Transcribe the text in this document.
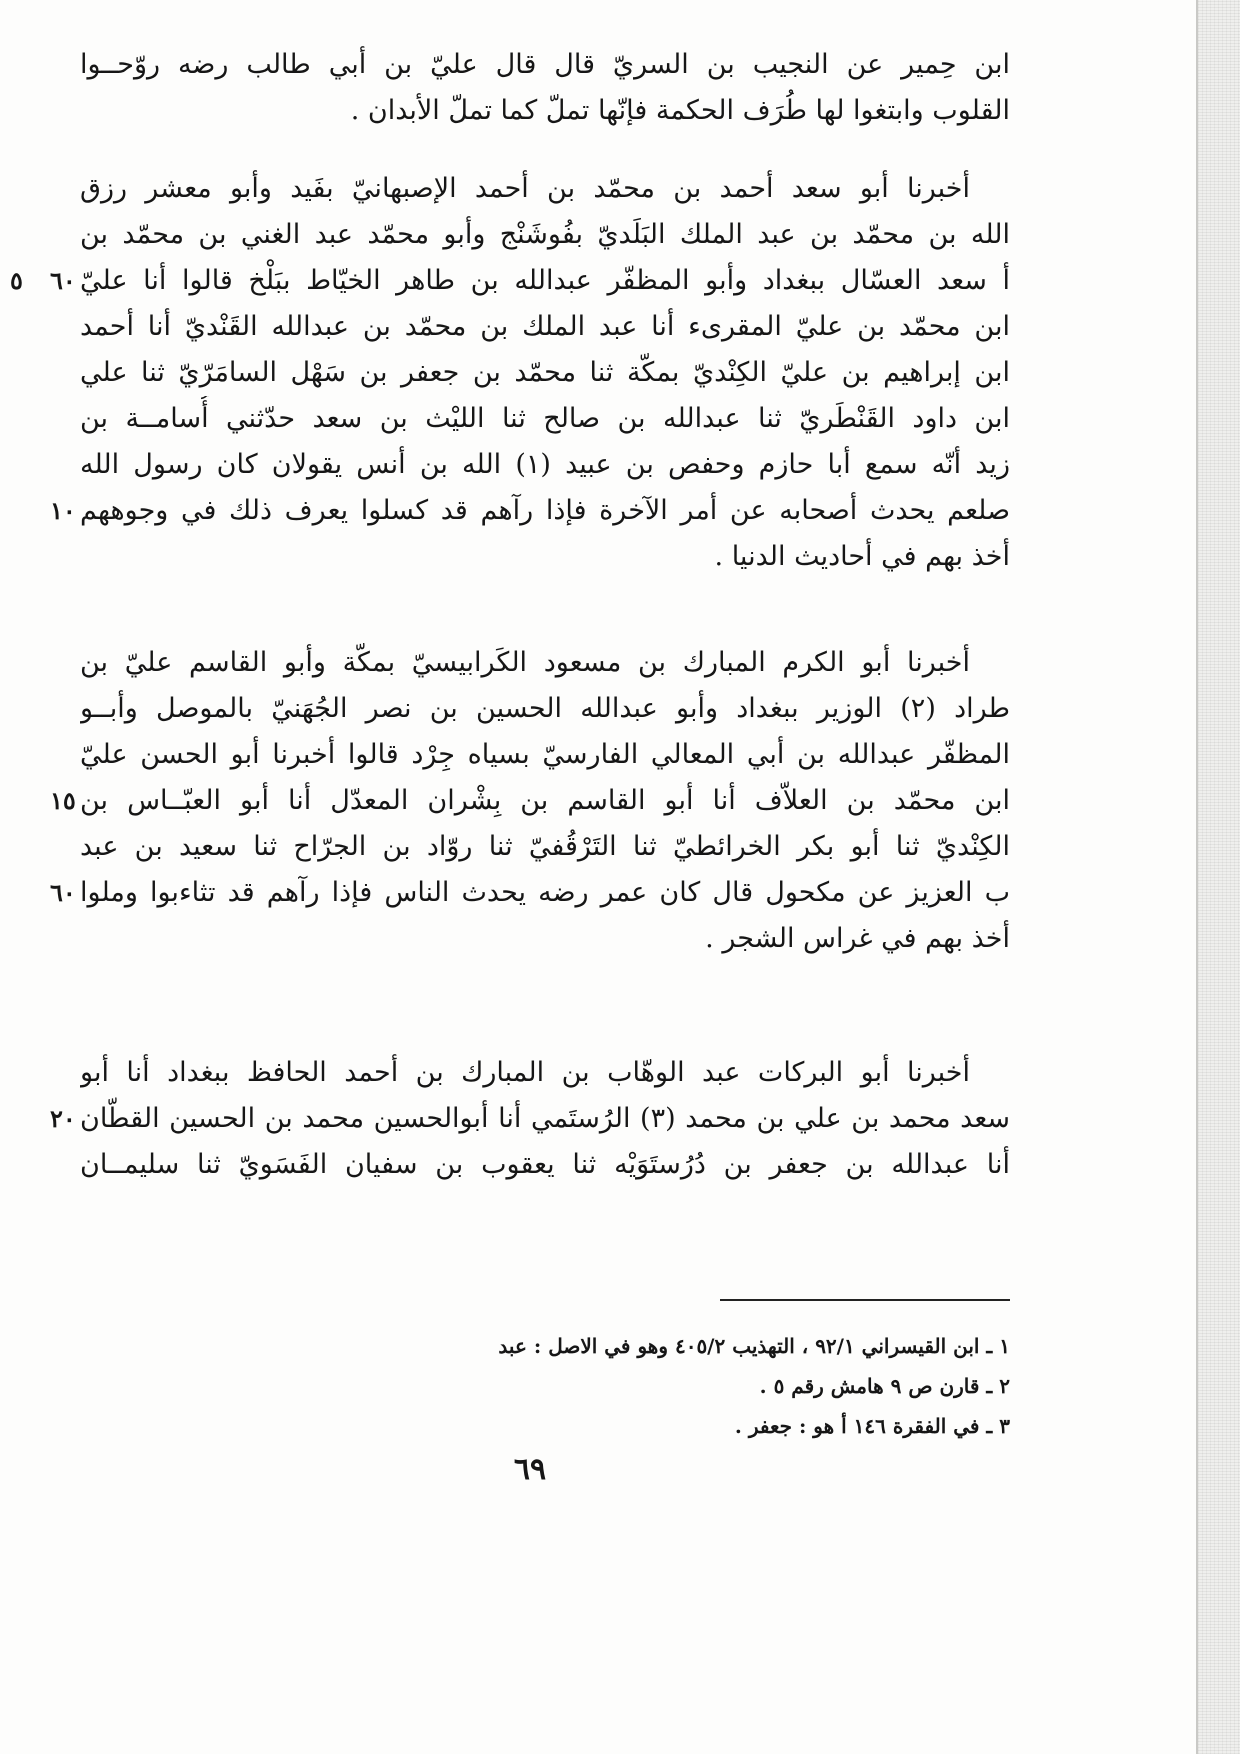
ابن حِمير عن النجيب بن السريّ قال قال عليّ بن أبي طالب رضه روّحــوا
القلوب وابتغوا لها طُرَف الحكمة فإنّها تملّ كما تملّ الأبدان .
أخبرنا أبو سعد أحمد بن محمّد بن أحمد الإصبهانيّ بفَيد وأبو معشر رزق
الله بن محمّد بن عبد الملك البَلَديّ بفُوشَنْج وأبو محمّد عبد الغني بن محمّد بن
أ سعد العسّال ببغداد وأبو المظفّر عبدالله بن طاهر الخيّاط ببَلْخ قالوا أنا عليّ
ابن محمّد بن عليّ المقرىء أنا عبد الملك بن محمّد بن عبدالله القَنْديّ أنا أحمد
ابن إبراهيم بن عليّ الكِنْديّ بمكّة ثنا محمّد بن جعفر بن سَهْل السامَرّيّ ثنا علي
ابن داود القَنْطَريّ ثنا عبدالله بن صالح ثنا الليْث بن سعد حدّثني أُسامــة بن
زيد أنّه سمع أبا حازم وحفص بن عبيد (١) الله بن أنس يقولان كان رسول الله
صلعم يحدث أصحابه عن أمر الآخرة فإذا رآهم قد كسلوا يعرف ذلك في وجوههم
أخذ بهم في أحاديث الدنيا .
أخبرنا أبو الكرم المبارك بن مسعود الكَرابيسيّ بمكّة وأبو القاسم عليّ بن
طراد (٢) الوزير ببغداد وأبو عبدالله الحسين بن نصر الجُهَنيّ بالموصل وأبــو
المظفّر عبدالله بن أبي المعالي الفارسيّ بسياه جِرْد قالوا أخبرنا أبو الحسن عليّ
ابن محمّد بن العلاّف أنا أبو القاسم بن بِشْران المعدّل أنا أبو العبّــاس بن
الكِنْديّ ثنا أبو بكر الخرائطيّ ثنا التَرْقُفيّ ثنا روّاد بن الجرّاح ثنا سعيد بن عبد
ب العزيز عن مكحول قال كان عمر رضه يحدث الناس فإذا رآهم قد تثاءبوا وملوا
أخذ بهم في غراس الشجر .
أخبرنا أبو البركات عبد الوهّاب بن المبارك بن أحمد الحافظ ببغداد أنا أبو
سعد محمد بن علي بن محمد (٣) الرُستَمي أنا أبوالحسين محمد بن الحسين القطّان
أنا عبدالله بن جعفر بن دُرُستَوَيْه ثنا يعقوب بن سفيان الفَسَويّ ثنا سليمــان
٦٠
٥
١٠
١٥
٦٠
٢٠
١ ـ ابن القيسراني ٩٢/١ ، التهذيب ٤٠٥/٢ وهو في الاصل : عبد
٢ ـ قارن ص ٩ هامش رقم ٥ .
٣ ـ في الفقرة ١٤٦ أ هو : جعفر .
٦٩
